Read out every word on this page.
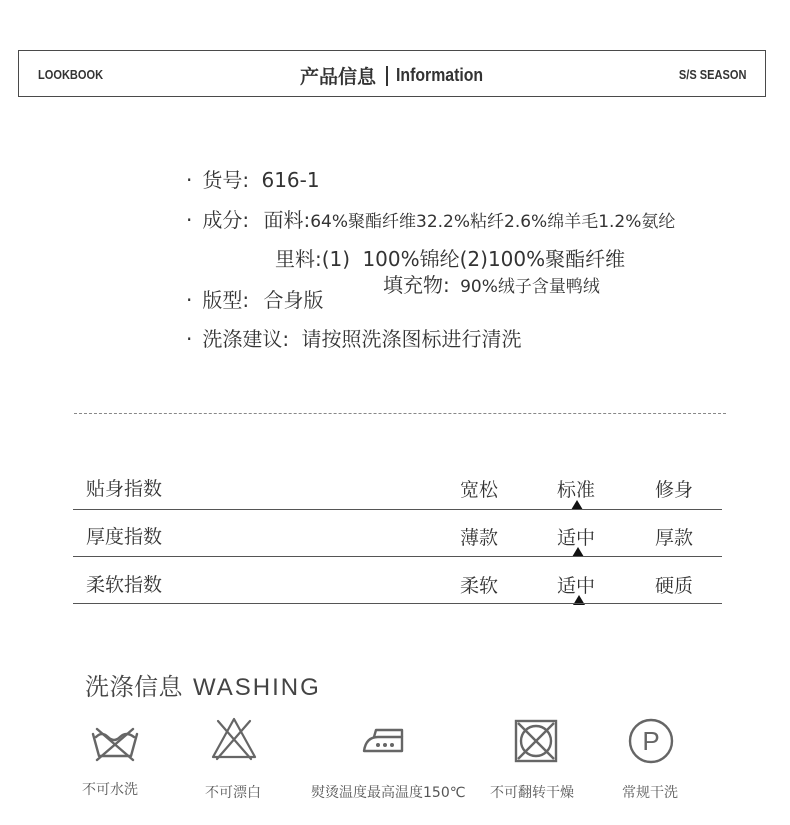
LOOKBOOK	产品信息 Information	S/S SEASON
· 货号: 616-1
· 成分: 面料:64%聚酯纤维32.2%粘纤2.6%绵羊毛1.2%氨纶
里料:(1) 100%锦纶(2)100%聚酯纤维
填充物: 90%绒子含量鸭绒
· 版型: 合身版
· 洗涤建议: 请按照洗涤图标进行清洗
贴身指数	宽松	标准	修身
厚度指数	薄款	适中	厚款
柔软指数	柔软	适中	硬质
洗涤信息 WASHING
不可水洗	不可漂白	熨烫温度最高温度150℃ 不可翻转干燥
P
常规干洗
